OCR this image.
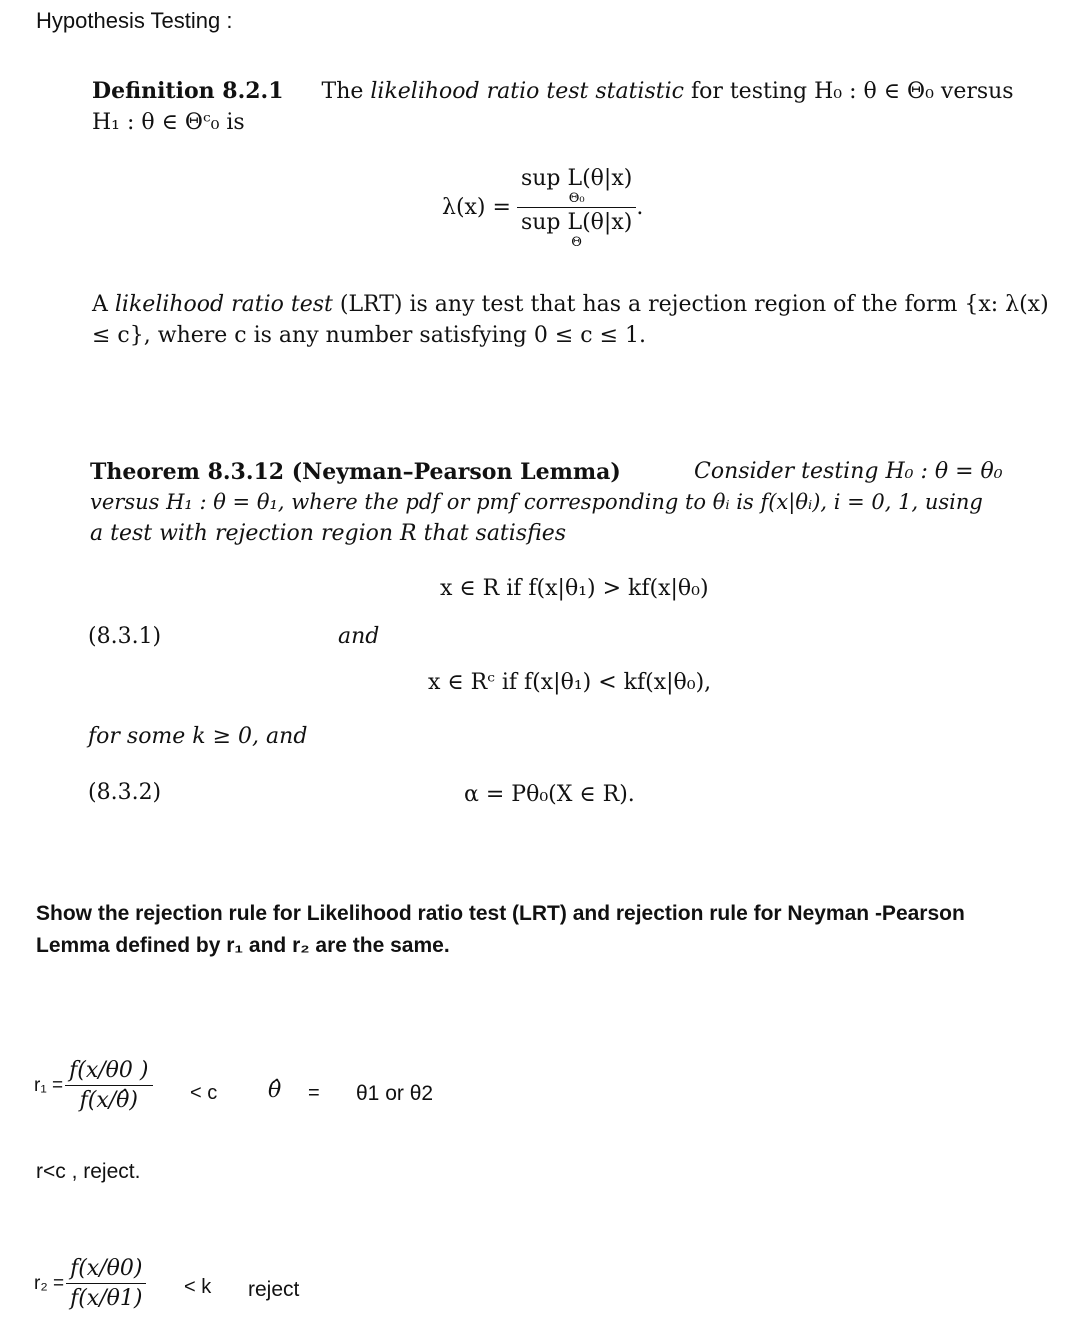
Hypothesis Testing :
Definition 8.2.1 The likelihood ratio test statistic for testing H₀ : θ ∈ Θ₀ versus
H₁ : θ ∈ Θᶜ₀ is
λ(x) = sup L(θ|x)
Θ₀
sup L(θ|x)
Θ .
A likelihood ratio test (LRT) is any test that has a rejection region of the form {x: λ(x)
≤ c}, where c is any number satisfying 0 ≤ c ≤ 1.
Theorem 8.3.12 (Neyman–Pearson Lemma)	Consider testing H₀ : θ = θ₀
versus H₁ : θ = θ₁, where the pdf or pmf corresponding to θᵢ is f(x|θᵢ), i = 0, 1, using
a test with rejection region R that satisfies
x ∈ R if f(x|θ₁) > kf(x|θ₀)
(8.3.1)	and
x ∈ Rᶜ if f(x|θ₁) < kf(x|θ₀),
for some k ≥ 0, and
(8.3.2)	α = Pθ₀(X ∈ R).
Show the rejection rule for Likelihood ratio test (LRT) and rejection rule for Neyman -Pearson
Lemma defined by r₁ and r₂ are the same.
$r_1 = \frac{f(x/\theta 0 )}{f(x/\thetâ)} < c$ θ̂ = θ1 or θ2
r<c , reject.
$r_2 = \frac{f(x/\theta 0)}{f(x/\theta 1)} < k$ reject
